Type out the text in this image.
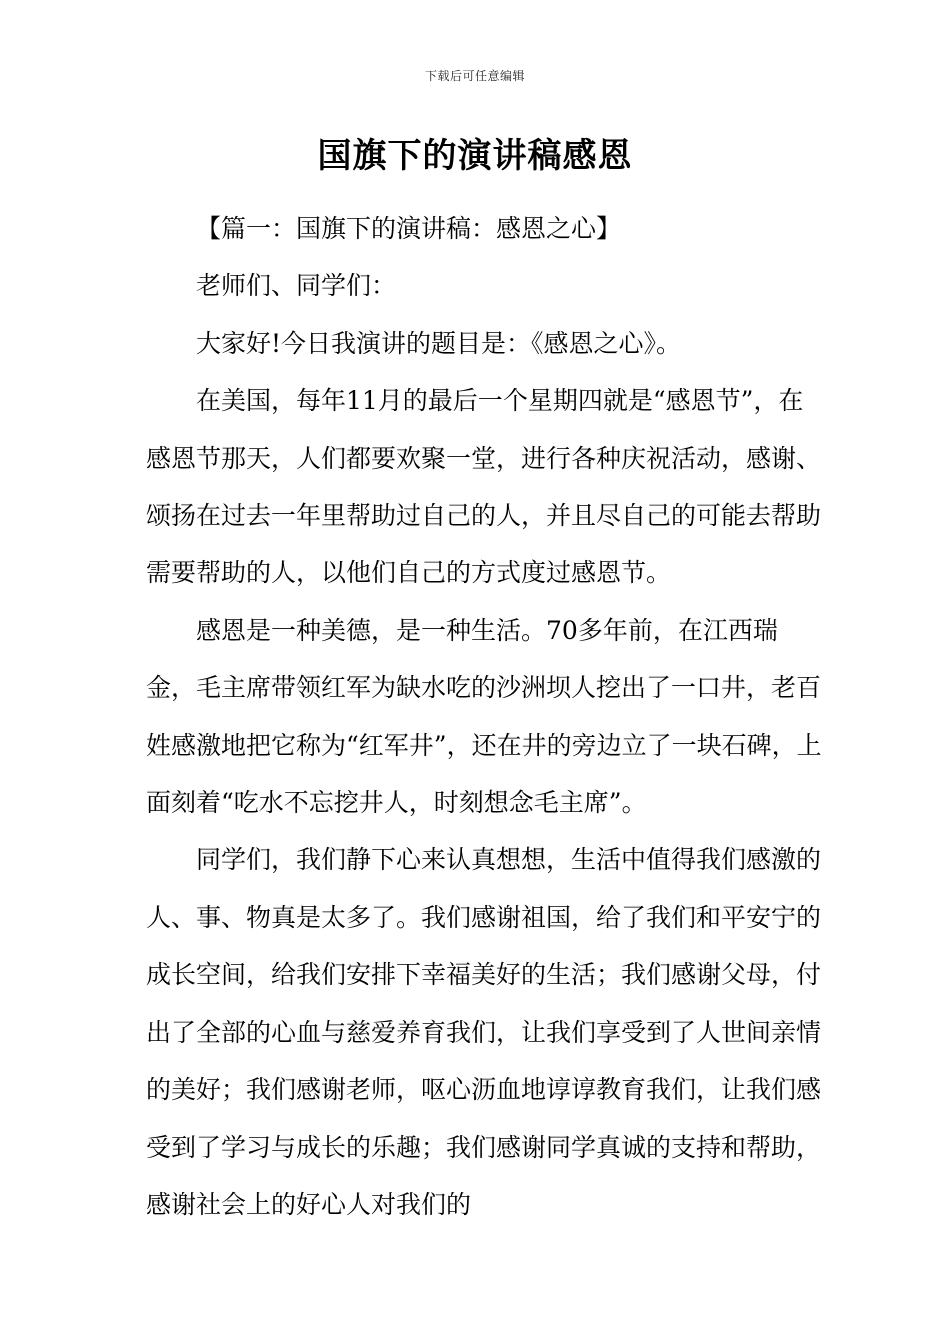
下载后可任意编辑
国旗下的演讲稿感恩

【篇一：国旗下的演讲稿：感恩之心】

老师们、同学们：

大家好!今日我演讲的题目是：《感恩之心》。

在美国，每年11月的最后一个星期四就是“感恩节”，在感恩节那天，人们都要欢聚一堂，进行各种庆祝活动，感谢、颂扬在过去一年里帮助过自己的人，并且尽自己的可能去帮助需要帮助的人，以他们自己的方式度过感恩节。

感恩是一种美德，是一种生活。70多年前，在江西瑞金，毛主席带领红军为缺水吃的沙洲坝人挖出了一口井，老百姓感激地把它称为“红军井”，还在井的旁边立了一块石碑，上面刻着“吃水不忘挖井人，时刻想念毛主席”。

同学们，我们静下心来认真想想，生活中值得我们感激的人、事、物真是太多了。我们感谢祖国，给了我们和平安宁的成长空间，给我们安排下幸福美好的生活；我们感谢父母，付出了全部的心血与慈爱养育我们，让我们享受到了人世间亲情的美好；我们感谢老师，呕心沥血地谆谆教育我们，让我们感受到了学习与成长的乐趣；我们感谢同学真诚的支持和帮助，感谢社会上的好心人对我们的
